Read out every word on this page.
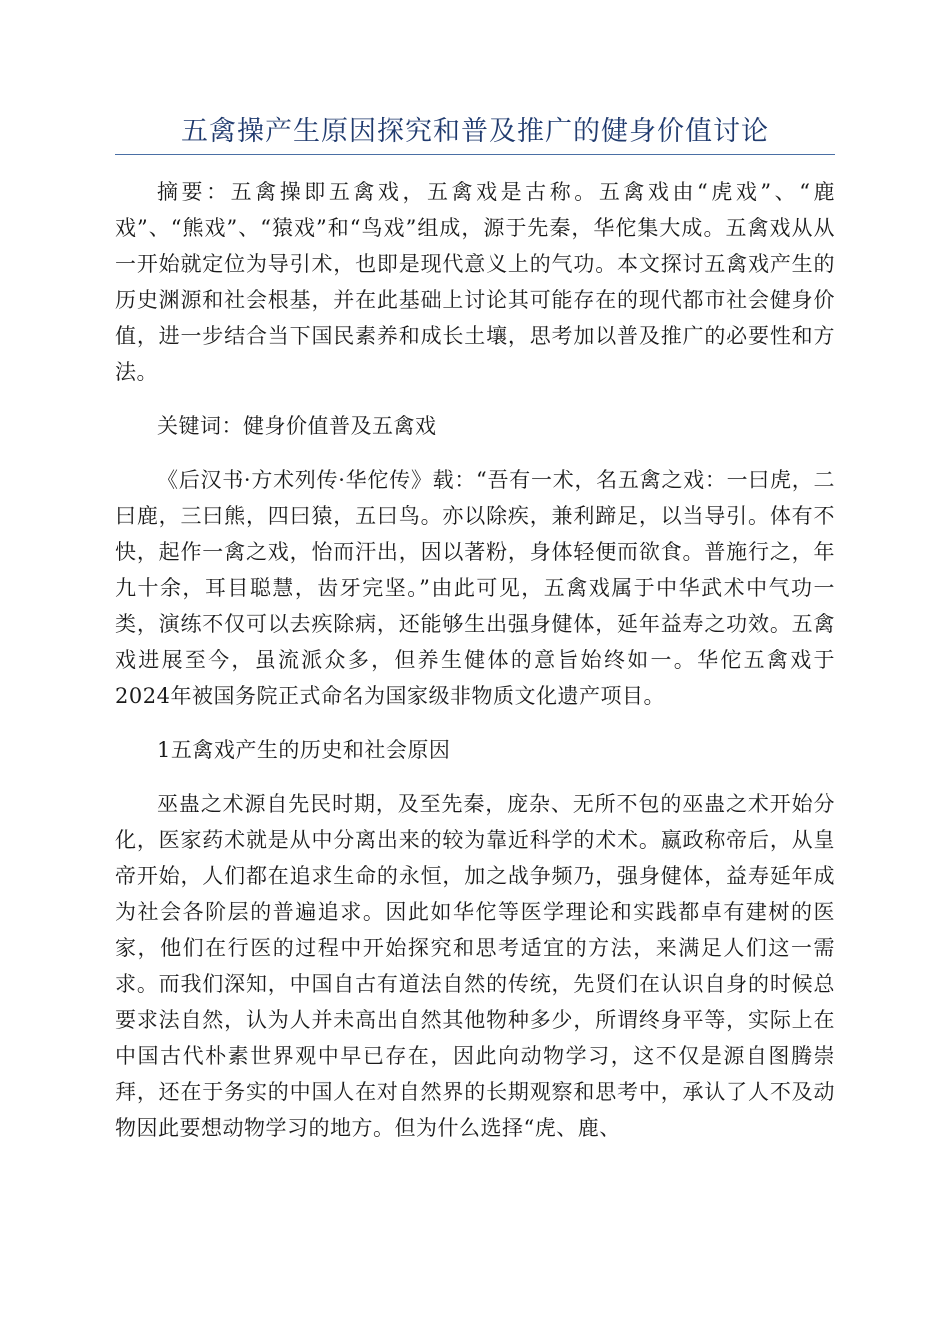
五禽操产生原因探究和普及推广的健身价值讨论

摘要：五禽操即五禽戏，五禽戏是古称。五禽戏由“虎戏”、“鹿戏”、“熊戏”、“猿戏”和“鸟戏”组成，源于先秦，华佗集大成。五禽戏从从一开始就定位为导引术，也即是现代意义上的气功。本文探讨五禽戏产生的历史渊源和社会根基，并在此基础上讨论其可能存在的现代都市社会健身价值，进一步结合当下国民素养和成长土壤，思考加以普及推广的必要性和方法。

关键词：健身价值普及五禽戏

《后汉书·方术列传·华佗传》载：“吾有一术，名五禽之戏：一曰虎，二曰鹿，三曰熊，四曰猿，五曰鸟。亦以除疾，兼利蹄足，以当导引。体有不快，起作一禽之戏，怡而汗出，因以著粉，身体轻便而欲食。普施行之，年九十余，耳目聪慧，齿牙完坚。”由此可见，五禽戏属于中华武术中气功一类，演练不仅可以去疾除病，还能够生出强身健体，延年益寿之功效。五禽戏进展至今，虽流派众多，但养生健体的意旨始终如一。华佗五禽戏于2024年被国务院正式命名为国家级非物质文化遗产项目。

1五禽戏产生的历史和社会原因

巫蛊之术源自先民时期，及至先秦，庞杂、无所不包的巫蛊之术开始分化，医家药术就是从中分离出来的较为靠近科学的术术。嬴政称帝后，从皇帝开始，人们都在追求生命的永恒，加之战争频乃，强身健体，益寿延年成为社会各阶层的普遍追求。因此如华佗等医学理论和实践都卓有建树的医家，他们在行医的过程中开始探究和思考适宜的方法，来满足人们这一需求。而我们深知，中国自古有道法自然的传统，先贤们在认识自身的时候总要求法自然，认为人并未高出自然其他物种多少，所谓终身平等，实际上在中国古代朴素世界观中早已存在，因此向动物学习，这不仅是源自图腾崇拜，还在于务实的中国人在对自然界的长期观察和思考中，承认了人不及动物因此要想动物学习的地方。但为什么选择“虎、鹿、
